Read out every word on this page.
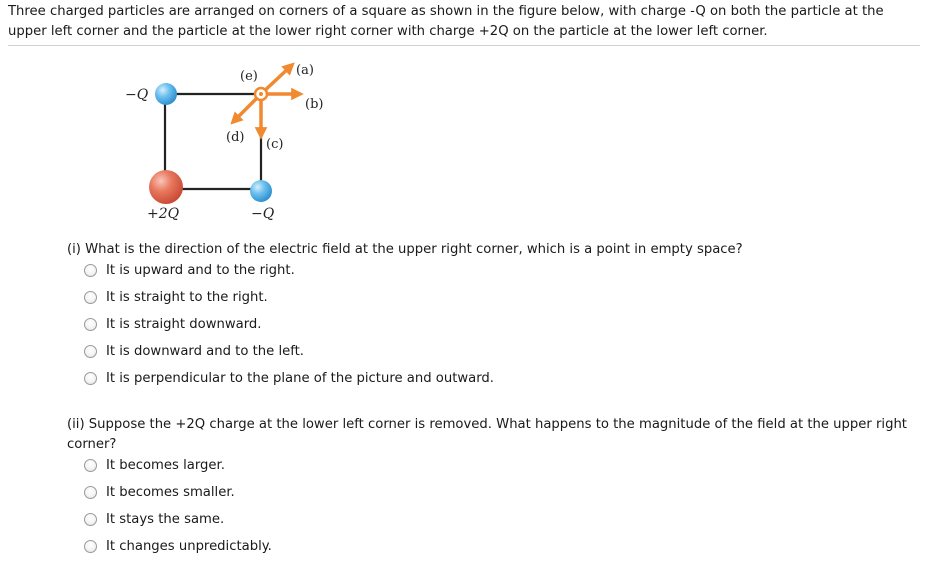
Three charged particles are arranged on corners of a square as shown in the figure below, with charge -Q on both the particle at the upper left corner and the particle at the lower right corner with charge +2Q on the particle at the lower left corner.
−Q
+2Q	−Q
(a)
(b)
(c)
(d)
(e)
(i) What is the direction of the electric field at the upper right corner, which is a point in empty space?
It is upward and to the right.
It is straight to the right.
It is straight downward.
It is downward and to the left.
It is perpendicular to the plane of the picture and outward.
(ii) Suppose the +2Q charge at the lower left corner is removed. What happens to the magnitude of the field at the upper right corner?
It becomes larger.
It becomes smaller.
It stays the same.
It changes unpredictably.
